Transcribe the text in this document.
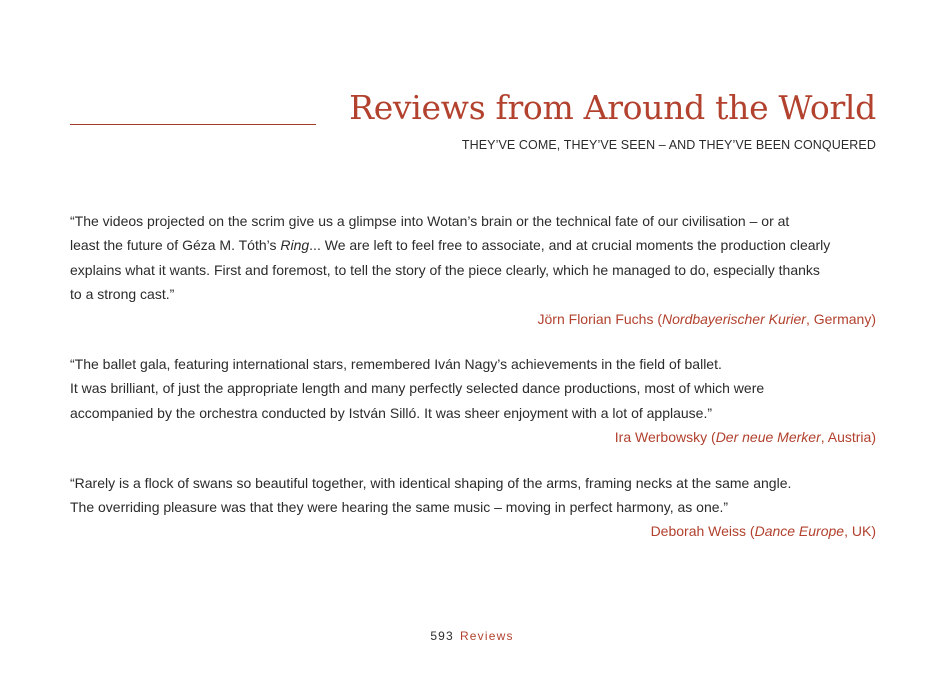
Reviews from Around the World

THEY’VE COME, THEY’VE SEEN – AND THEY’VE BEEN CONQUERED

“The videos projected on the scrim give us a glimpse into Wotan’s brain or the technical fate of our civilisation – or at
least the future of Géza M. Tóth’s Ring... We are left to feel free to associate, and at crucial moments the production clearly
explains what it wants. First and foremost, to tell the story of the piece clearly, which he managed to do, especially thanks
to a strong cast.”

Jörn Florian Fuchs (Nordbayerischer Kurier, Germany)

“The ballet gala, featuring international stars, remembered Iván Nagy’s achievements in the field of ballet.
It was brilliant, of just the appropriate length and many perfectly selected dance productions, most of which were
accompanied by the orchestra conducted by István Silló. It was sheer enjoyment with a lot of applause.”

Ira Werbowsky (Der neue Merker, Austria)

“Rarely is a flock of swans so beautiful together, with identical shaping of the arms, framing necks at the same angle.
The overriding pleasure was that they were hearing the same music – moving in perfect harmony, as one.”

Deborah Weiss (Dance Europe, UK)

593 Reviews
